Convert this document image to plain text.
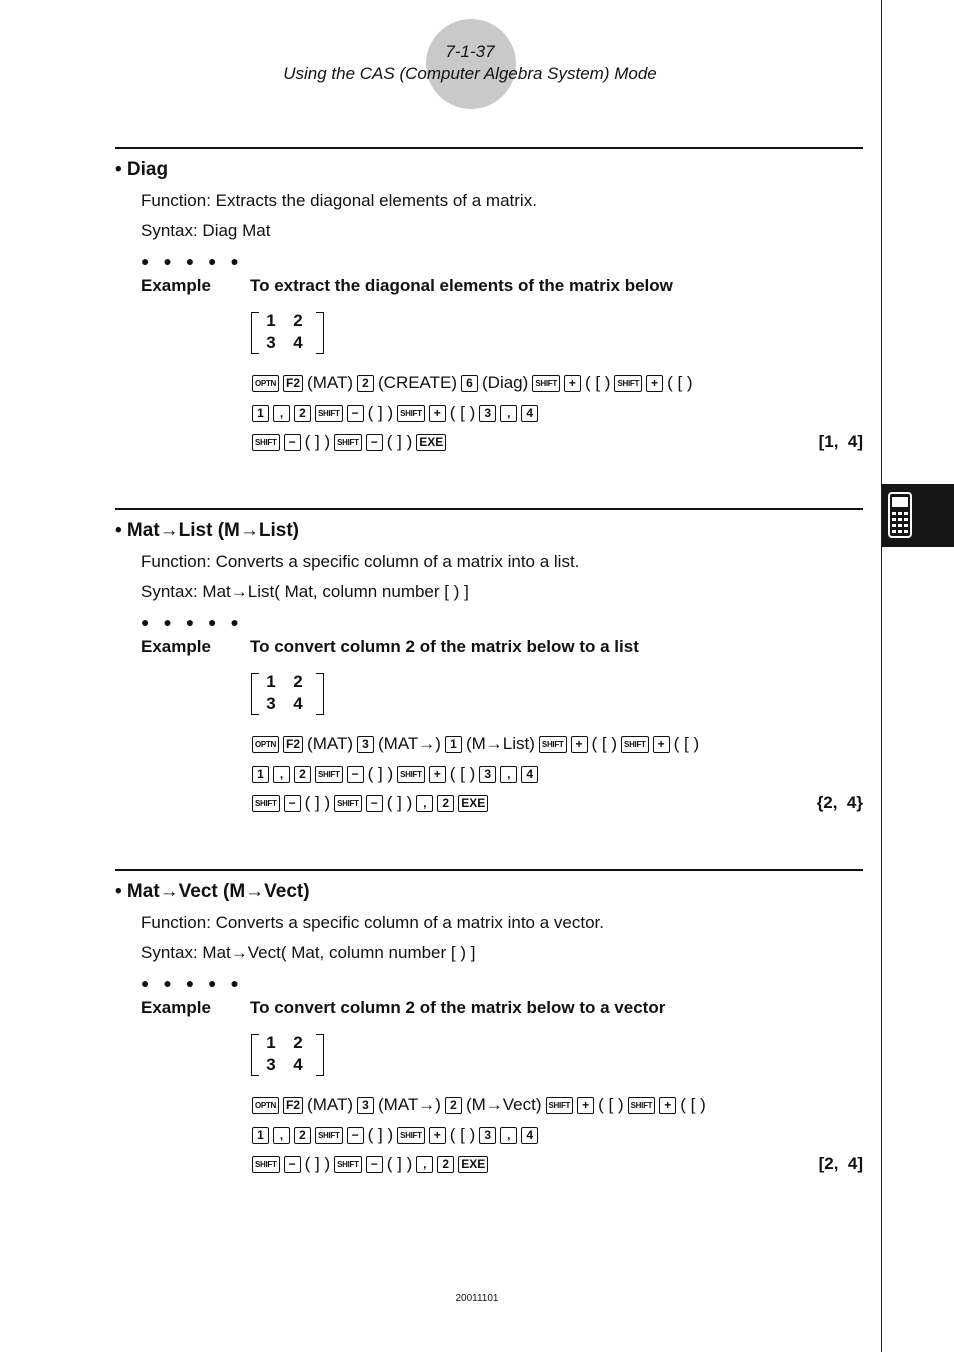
7-1-37
Using the CAS (Computer Algebra System) Mode
• Diag
Function: Extracts the diagonal elements of a matrix.
Syntax: Diag Mat
● ● ● ● ●
Example To extract the diagonal elements of the matrix below
1 2
3 4
OPTN F2 (MAT) 2 (CREATE) 6 (Diag) SHIFT + ( [ ) SHIFT + ( [ )
1	,	2	SHIFT − ( ] ) SHIFT + ( [ ) 3	,	4
SHIFT − ( ] ) SHIFT − ( ] ) EXE	[1,  4]
• Mat→List (M→List)
Function: Converts a specific column of a matrix into a list.
Syntax: Mat→List( Mat, column number [ ) ]
● ● ● ● ●
Example To convert column 2 of the matrix below to a list
1 2
3 4
OPTN F2 (MAT) 3 (MAT→) 1 (M→List) SHIFT + ( [ ) SHIFT + ( [ )
1	,	2	SHIFT − ( ] ) SHIFT + ( [ ) 3	,	4
SHIFT − ( ] ) SHIFT − ( ] ) ,	2	EXE	{2,  4}
• Mat→Vect (M→Vect)
Function: Converts a specific column of a matrix into a vector.
Syntax: Mat→Vect( Mat, column number [ ) ]
● ● ● ● ●
Example To convert column 2 of the matrix below to a vector
1 2
3 4
OPTN F2 (MAT) 3 (MAT→) 2 (M→Vect) SHIFT + ( [ ) SHIFT + ( [ )
1	,	2	SHIFT − ( ] ) SHIFT + ( [ ) 3	,	4
SHIFT − ( ] ) SHIFT − ( ] ) ,	2	EXE	[2,  4]
20011101
